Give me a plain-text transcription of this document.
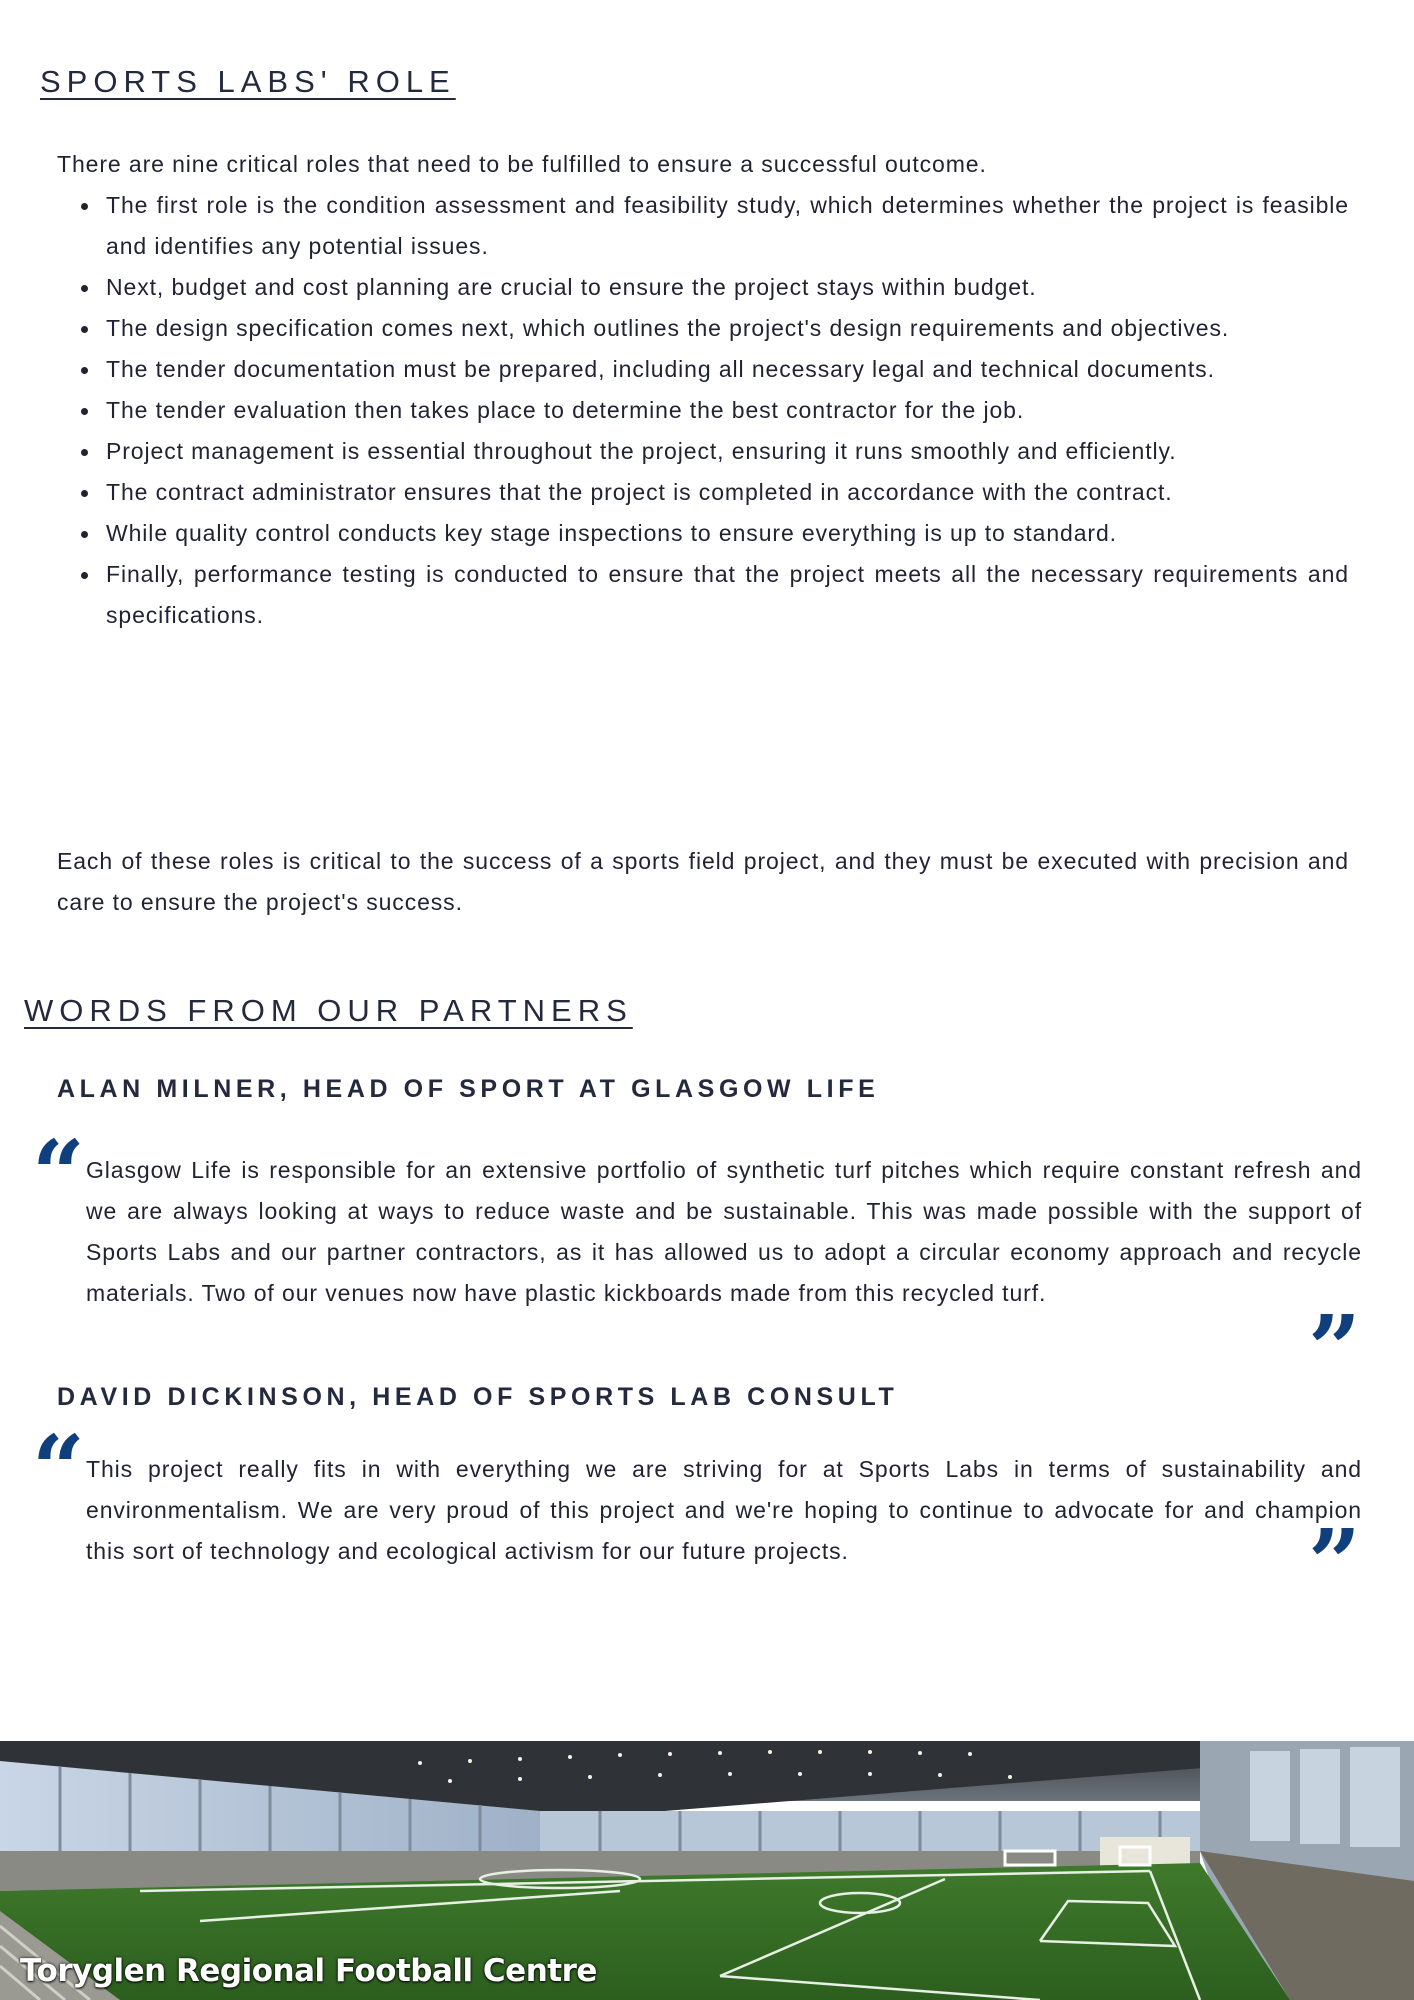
SPORTS LABS' ROLE

There are nine critical roles that need to be fulfilled to ensure a successful outcome.

The first role is the condition assessment and feasibility study, which determines whether the project is feasible and identifies any potential issues.
Next, budget and cost planning are crucial to ensure the project stays within budget.
The design specification comes next, which outlines the project's design requirements and objectives.
The tender documentation must be prepared, including all necessary legal and technical documents.
The tender evaluation then takes place to determine the best contractor for the job.
Project management is essential throughout the project, ensuring it runs smoothly and efficiently.
The contract administrator ensures that the project is completed in accordance with the contract.
While quality control conducts key stage inspections to ensure everything is up to standard.
Finally, performance testing is conducted to ensure that the project meets all the necessary requirements and specifications.

Each of these roles is critical to the success of a sports field project, and they must be executed with precision and care to ensure the project's success.

WORDS FROM OUR PARTNERS
ALAN MILNER, HEAD OF SPORT AT GLASGOW LIFE
“ Glasgow Life is responsible for an extensive portfolio of synthetic turf pitches which require constant refresh and we are always looking at ways to reduce waste and be sustainable. This was made possible with the support of Sports Labs and our partner contractors, as it has allowed us to adopt a circular economy approach and recycle materials. Two of our venues now have plastic kickboards made from this recycled turf.

”
DAVID DICKINSON, HEAD OF SPORTS LAB CONSULT
“ This project really fits in with everything we are striving for at Sports Labs in terms of sustainability and environmentalism. We are very proud of this project and we're hoping to continue to advocate for and champion this sort of technology and ecological activism for our future projects.	”
Toryglen Regional Football Centre
